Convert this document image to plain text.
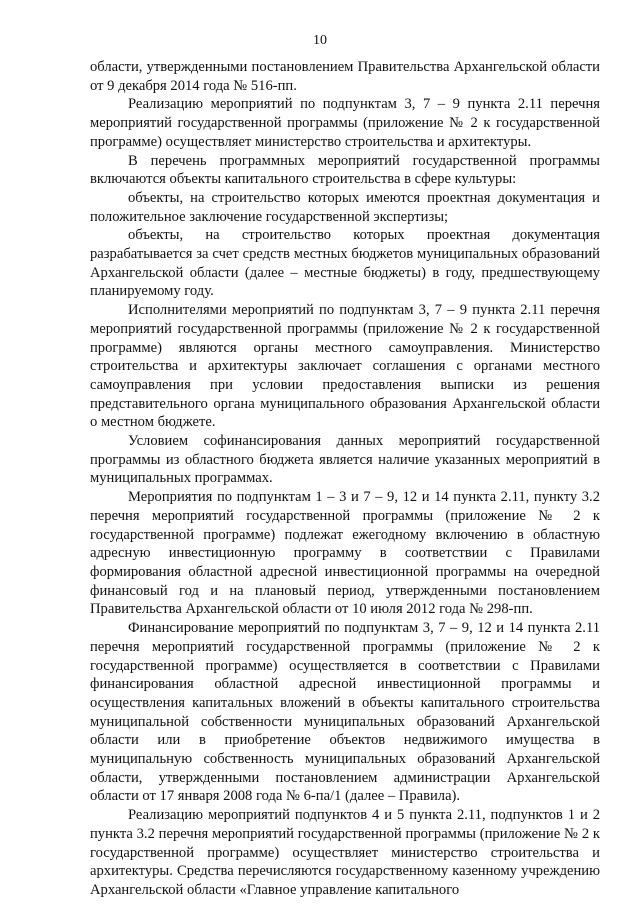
10

области, утвержденными постановлением Правительства Архангельской области от 9 декабря 2014 года № 516-пп.

Реализацию мероприятий по подпунктам 3, 7 – 9 пункта 2.11 перечня мероприятий государственной программы (приложение № 2 к государственной программе) осуществляет министерство строительства и архитектуры.

В перечень программных мероприятий государственной программы включаются объекты капитального строительства в сфере культуры:

объекты, на строительство которых имеются проектная документация и положительное заключение государственной экспертизы;

объекты, на строительство которых проектная документация разрабатывается за счет средств местных бюджетов муниципальных образований Архангельской области (далее – местные бюджеты) в году, предшествующему планируемому году.

Исполнителями мероприятий по подпунктам 3, 7 – 9 пункта 2.11 перечня мероприятий государственной программы (приложение № 2 к государственной программе) являются органы местного самоуправления. Министерство строительства и архитектуры заключает соглашения с органами местного самоуправления при условии предоставления выписки из решения представительного органа муниципального образования Архангельской области о местном бюджете.

Условием софинансирования данных мероприятий государственной программы из областного бюджета является наличие указанных мероприятий в муниципальных программах.

Мероприятия по подпунктам 1 – 3 и 7 – 9, 12 и 14 пункта 2.11, пункту 3.2 перечня мероприятий государственной программы (приложение № 2 к государственной программе) подлежат ежегодному включению в областную адресную инвестиционную программу в соответствии с Правилами формирования областной адресной инвестиционной программы на очередной финансовый год и на плановый период, утвержденными постановлением Правительства Архангельской области от 10 июля 2012 года № 298-пп.

Финансирование мероприятий по подпунктам 3, 7 – 9, 12 и 14 пункта 2.11 перечня мероприятий государственной программы (приложение № 2 к государственной программе) осуществляется в соответствии с Правилами финансирования областной адресной инвестиционной программы и осуществления капитальных вложений в объекты капитального строительства муниципальной собственности муниципальных образований Архангельской области или в приобретение объектов недвижимого имущества в муниципальную собственность муниципальных образований Архангельской области, утвержденными постановлением администрации Архангельской области от 17 января 2008 года № 6-па/1 (далее – Правила).

Реализацию мероприятий подпунктов 4 и 5 пункта 2.11, подпунктов 1 и 2 пункта 3.2 перечня мероприятий государственной программы (приложение № 2 к государственной программе) осуществляет министерство строительства и архитектуры. Средства перечисляются государственному казенному учреждению Архангельской области «Главное управление капитального
